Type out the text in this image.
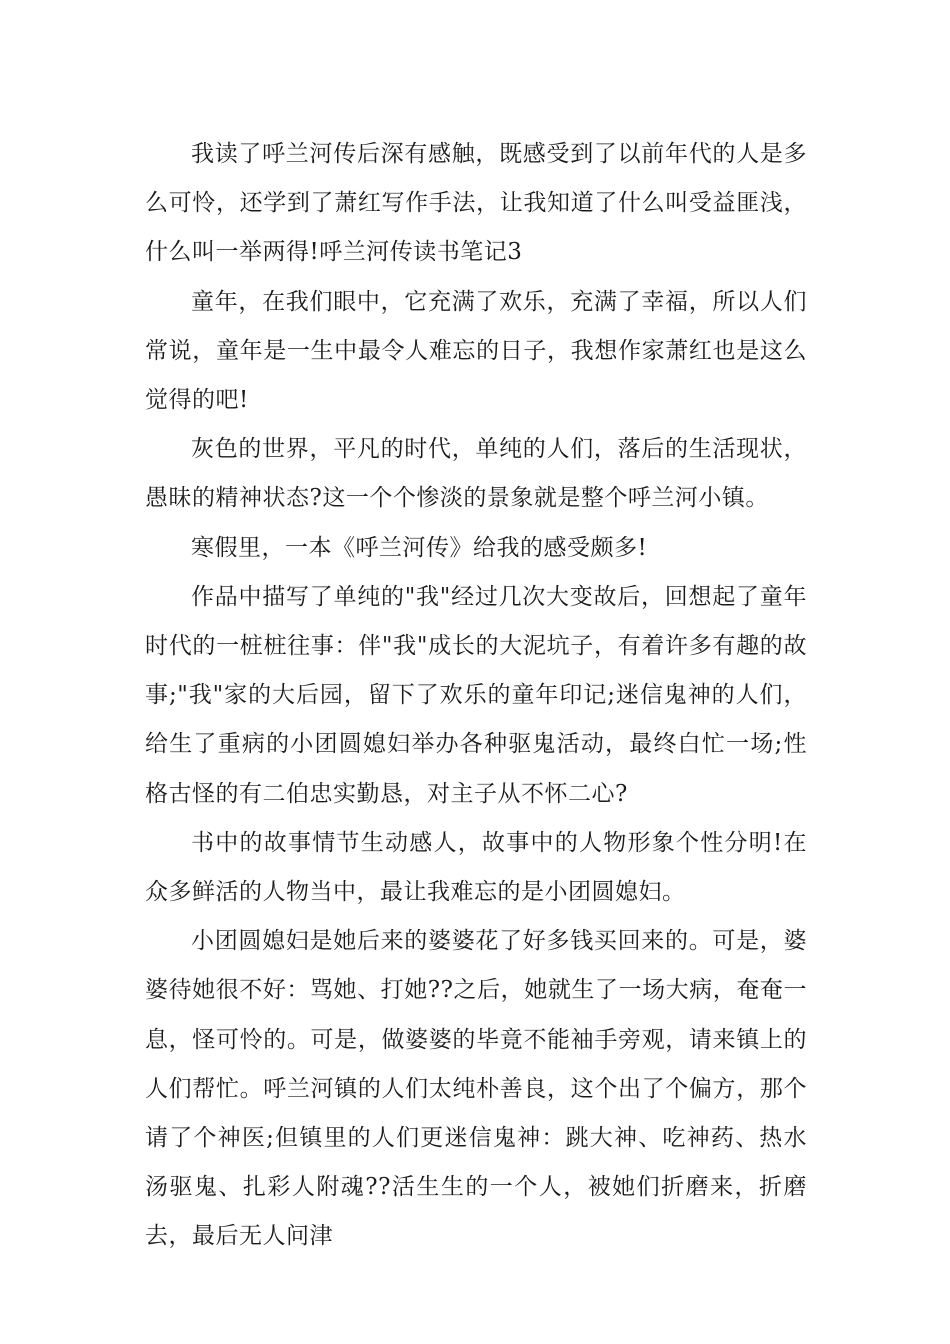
我读了呼兰河传后深有感触，既感受到了以前年代的人是多么可怜，还学到了萧红写作手法，让我知道了什么叫受益匪浅，什么叫一举两得!呼兰河传读书笔记3

童年，在我们眼中，它充满了欢乐，充满了幸福，所以人们常说，童年是一生中最令人难忘的日子，我想作家萧红也是这么觉得的吧!

灰色的世界，平凡的时代，单纯的人们，落后的生活现状，愚昧的精神状态?这一个个惨淡的景象就是整个呼兰河小镇。

寒假里，一本《呼兰河传》给我的感受颇多!

作品中描写了单纯的"我"经过几次大变故后，回想起了童年时代的一桩桩往事：伴"我"成长的大泥坑子，有着许多有趣的故事;"我"家的大后园，留下了欢乐的童年印记;迷信鬼神的人们，给生了重病的小团圆媳妇举办各种驱鬼活动，最终白忙一场;性格古怪的有二伯忠实勤恳，对主子从不怀二心?

书中的故事情节生动感人，故事中的人物形象个性分明!在众多鲜活的人物当中，最让我难忘的是小团圆媳妇。

小团圆媳妇是她后来的婆婆花了好多钱买回来的。可是，婆婆待她很不好：骂她、打她??之后，她就生了一场大病，奄奄一息，怪可怜的。可是，做婆婆的毕竟不能袖手旁观，请来镇上的人们帮忙。呼兰河镇的人们太纯朴善良，这个出了个偏方，那个请了个神医;但镇里的人们更迷信鬼神：跳大神、吃神药、热水汤驱鬼、扎彩人附魂??活生生的一个人，被她们折磨来，折磨去，最后无人问津
